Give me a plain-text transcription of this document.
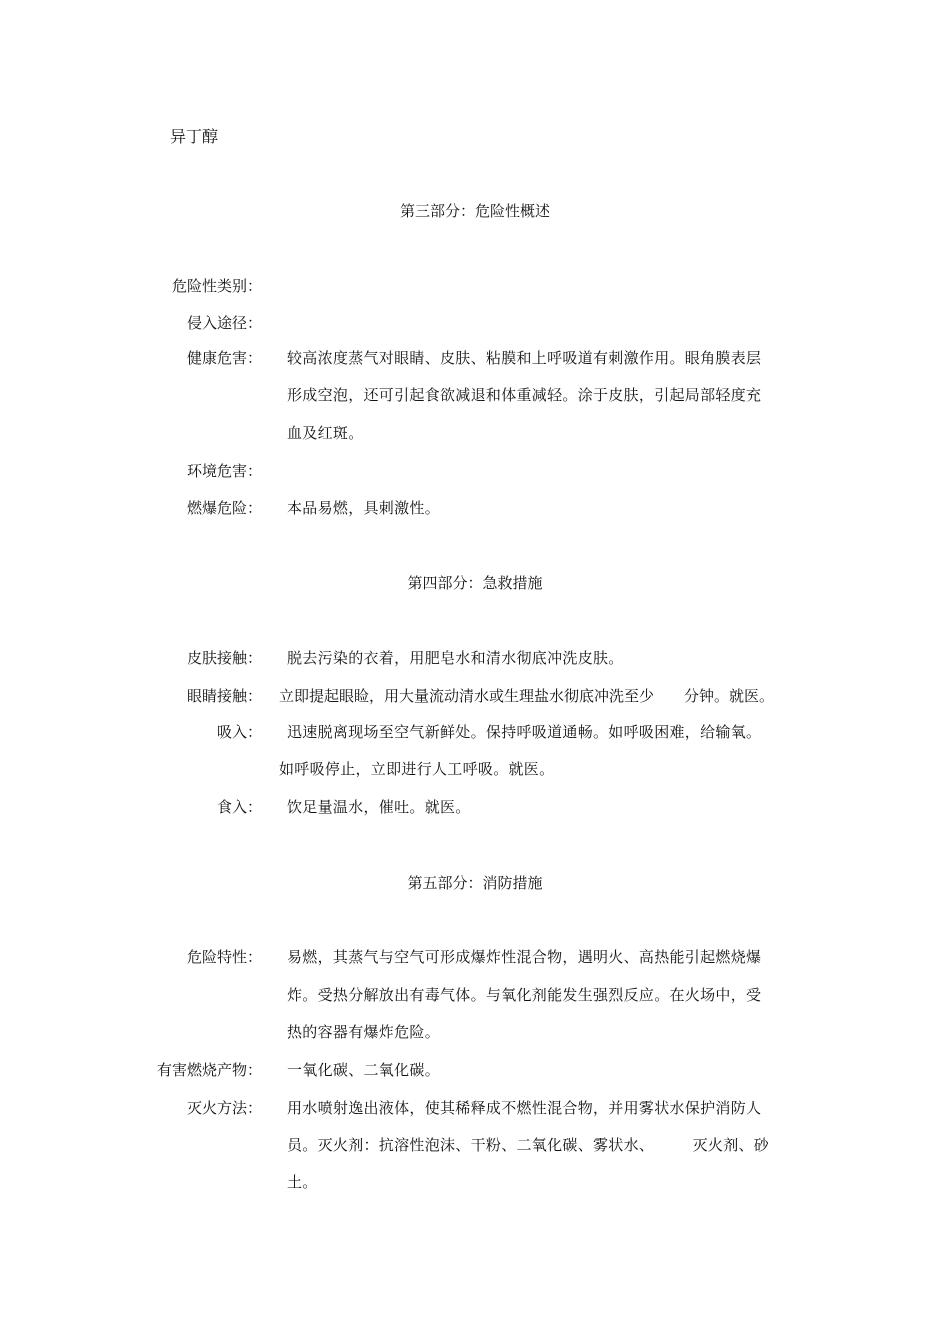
异丁醇
第三部分：危险性概述
危险性类别：
侵入途径：
健康危害： 较高浓度蒸气对眼睛、皮肤、粘膜和上呼吸道有刺激作用。眼角膜表层
形成空泡，还可引起食欲减退和体重减轻。涂于皮肤，引起局部轻度充
血及红斑。
环境危害：
燃爆危险： 本品易燃，具刺激性。
第四部分：急救措施
皮肤接触： 脱去污染的衣着，用肥皂水和清水彻底冲洗皮肤。
眼睛接触： 立即提起眼睑，用大量流动清水或生理盐水彻底冲洗至少　　分钟。就医。
吸入： 迅速脱离现场至空气新鲜处。保持呼吸道通畅。如呼吸困难，给输氧。
如呼吸停止，立即进行人工呼吸。就医。
食入： 饮足量温水，催吐。就医。
第五部分：消防措施
危险特性： 易燃，其蒸气与空气可形成爆炸性混合物，遇明火、高热能引起燃烧爆
炸。受热分解放出有毒气体。与氧化剂能发生强烈反应。在火场中，受
热的容器有爆炸危险。
有害燃烧产物： 一氧化碳、二氧化碳。
灭火方法： 用水喷射逸出液体，使其稀释成不燃性混合物，并用雾状水保护消防人
员。灭火剂：抗溶性泡沫、干粉、二氧化碳、雾状水、　　　灭火剂、砂
土。
